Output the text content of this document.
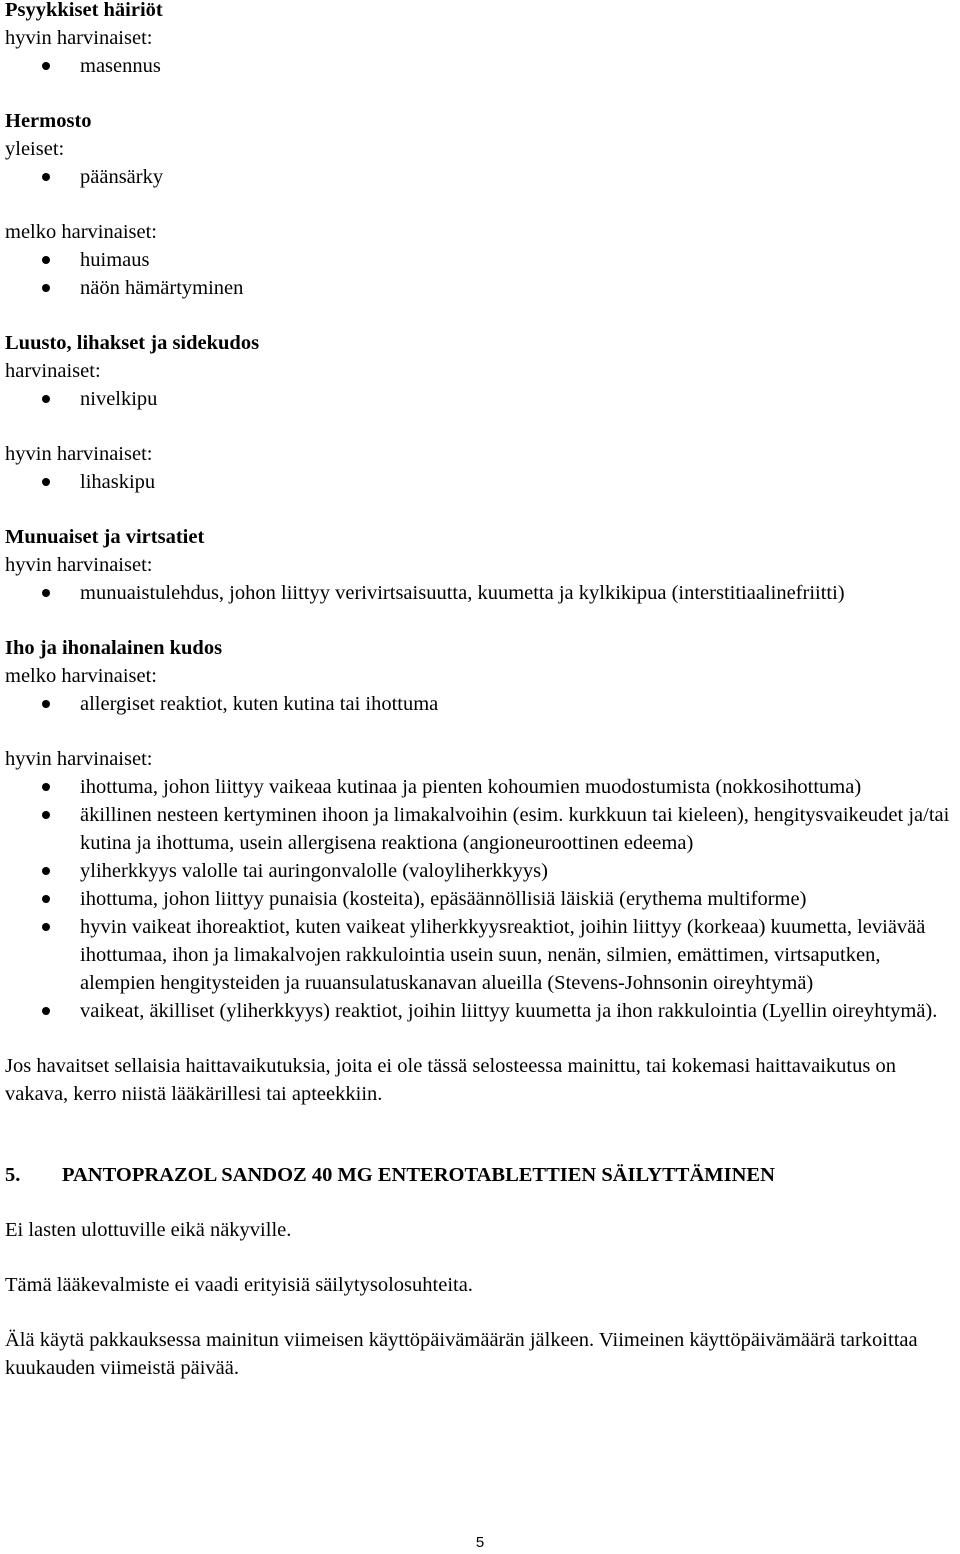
Psyykkiset häiriöt
hyvin harvinaiset:
masennus
Hermosto
yleiset:
päänsärky
melko harvinaiset:
huimaus
näön hämärtyminen
Luusto, lihakset ja sidekudos
harvinaiset:
nivelkipu
hyvin harvinaiset:
lihaskipu
Munuaiset ja virtsatiet
hyvin harvinaiset:
munuaistulehdus, johon liittyy verivirtsaisuutta, kuumetta ja kylkikipua (interstitiaalinefriitti)
Iho ja ihonalainen kudos
melko harvinaiset:
allergiset reaktiot, kuten kutina tai ihottuma
hyvin harvinaiset:
ihottuma, johon liittyy vaikeaa kutinaa ja pienten kohoumien muodostumista (nokkosihottuma)
äkillinen nesteen kertyminen ihoon ja limakalvoihin (esim. kurkkuun tai kieleen), hengitysvaikeudet ja/tai kutina ja ihottuma, usein allergisena reaktiona (angioneuroottinen edeema)
yliherkkyys valolle tai auringonvalolle (valoyliherkkyys)
ihottuma, johon liittyy punaisia (kosteita), epäsäännöllisiä läiskiä (erythema multiforme)
hyvin vaikeat ihoreaktiot, kuten vaikeat yliherkkyysreaktiot, joihin liittyy (korkeaa) kuumetta, leviävää ihottumaa, ihon ja limakalvojen rakkulointia usein suun, nenän, silmien, emättimen, virtsaputken, alempien hengitysteiden ja ruuansulatuskanavan alueilla (Stevens-Johnsonin oireyhtymä)
vaikeat, äkilliset (yliherkkyys) reaktiot, joihin liittyy kuumetta ja ihon rakkulointia (Lyellin oireyhtymä).

Jos havaitset sellaisia haittavaikutuksia, joita ei ole tässä selosteessa mainittu, tai kokemasi haittavaikutus on vakava, kerro niistä lääkärillesi tai apteekkiin.

5.	PANTOPRAZOL SANDOZ 40 MG ENTEROTABLETTIEN SÄILYTTÄMINEN

Ei lasten ulottuville eikä näkyville.

Tämä lääkevalmiste ei vaadi erityisiä säilytysolosuhteita.

Älä käytä pakkauksessa mainitun viimeisen käyttöpäivämäärän jälkeen. Viimeinen käyttöpäivämäärä tarkoittaa kuukauden viimeistä päivää.

5
